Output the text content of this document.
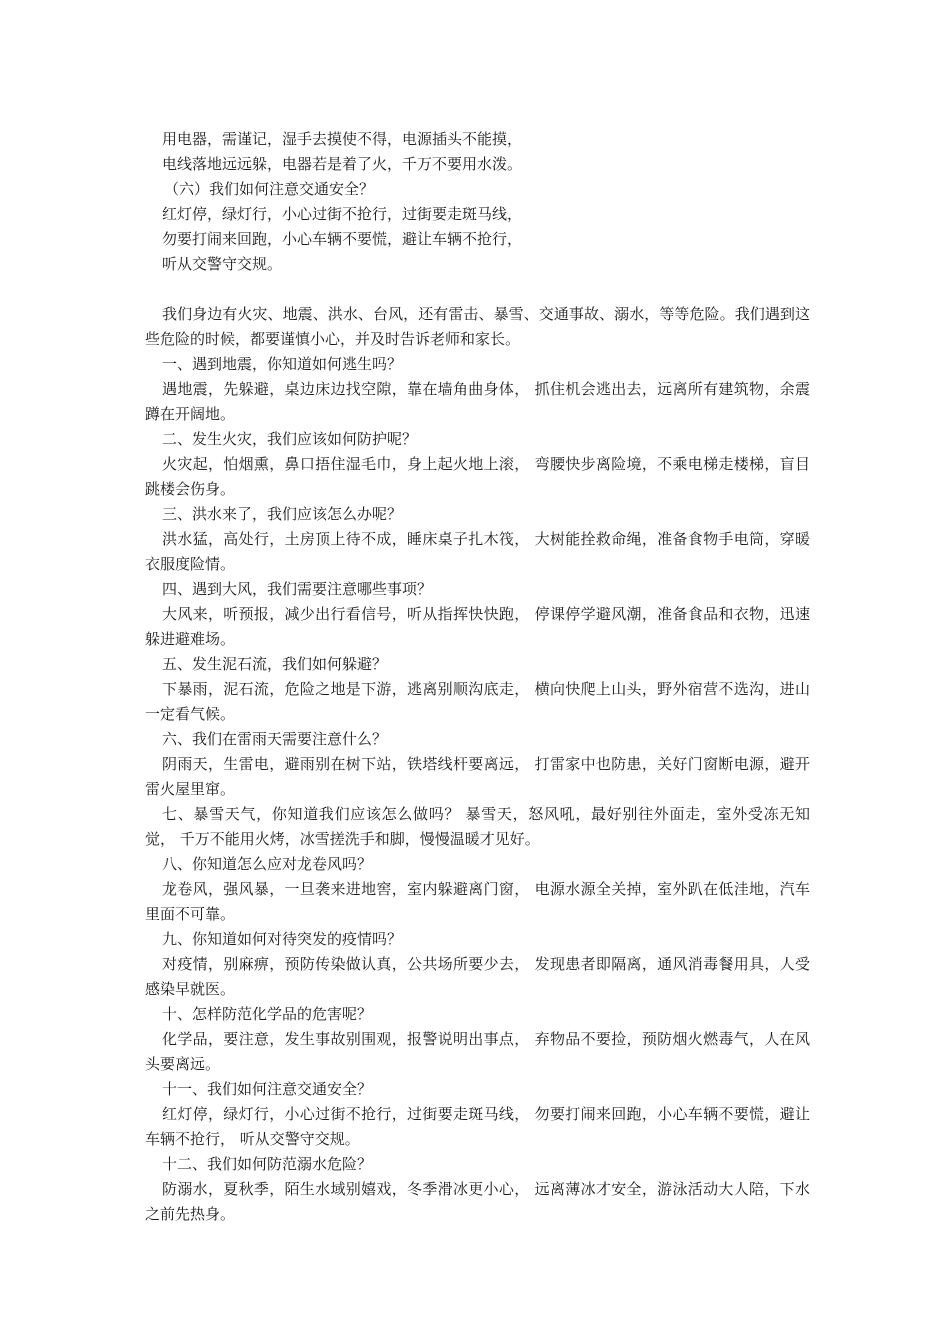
用电器，需谨记，湿手去摸使不得，电源插头不能摸，

电线落地远远躲，电器若是着了火，千万不要用水泼。

（六）我们如何注意交通安全？

红灯停，绿灯行，小心过街不抢行，过街要走斑马线，

勿要打闹来回跑，小心车辆不要慌，避让车辆不抢行，

听从交警守交规。

我们身边有火灾、地震、洪水、台风，还有雷击、暴雪、交通事故、溺水，等等危险。我们遇到这些危险的时候，都要谨慎小心，并及时告诉老师和家长。

一、遇到地震，你知道如何逃生吗？

遇地震，先躲避，桌边床边找空隙，靠在墙角曲身体， 抓住机会逃出去，远离所有建筑物，余震蹲在开阔地。

二、发生火灾，我们应该如何防护呢？

火灾起，怕烟熏，鼻口捂住湿毛巾，身上起火地上滚， 弯腰快步离险境，不乘电梯走楼梯，盲目跳楼会伤身。

三、洪水来了，我们应该怎么办呢？

洪水猛，高处行，土房顶上待不成，睡床桌子扎木筏， 大树能拴救命绳，准备食物手电筒，穿暖衣服度险情。

四、遇到大风，我们需要注意哪些事项？

大风来，听预报，减少出行看信号，听从指挥快快跑， 停课停学避风潮，准备食品和衣物，迅速躲进避难场。

五、发生泥石流，我们如何躲避？

下暴雨，泥石流，危险之地是下游，逃离别顺沟底走， 横向快爬上山头，野外宿营不选沟，进山一定看气候。

六、我们在雷雨天需要注意什么？

阴雨天，生雷电，避雨别在树下站，铁塔线杆要离远， 打雷家中也防患，关好门窗断电源，避开雷火屋里窜。

七、暴雪天气，你知道我们应该怎么做吗？ 暴雪天，怒风吼，最好别往外面走，室外受冻无知觉， 千万不能用火烤，冰雪搓洗手和脚，慢慢温暖才见好。

八、你知道怎么应对龙卷风吗？

龙卷风，强风暴，一旦袭来进地窖，室内躲避离门窗， 电源水源全关掉，室外趴在低洼地，汽车里面不可靠。

九、你知道如何对待突发的疫情吗？

对疫情，别麻痹，预防传染做认真，公共场所要少去， 发现患者即隔离，通风消毒餐用具，人受感染早就医。

十、怎样防范化学品的危害呢？

化学品，要注意，发生事故别围观，报警说明出事点， 弃物品不要捡，预防烟火燃毒气，人在风头要离远。

十一、我们如何注意交通安全？

红灯停，绿灯行，小心过街不抢行，过街要走斑马线， 勿要打闹来回跑，小心车辆不要慌，避让车辆不抢行， 听从交警守交规。

十二、我们如何防范溺水危险？

防溺水，夏秋季，陌生水域别嬉戏，冬季滑冰更小心， 远离薄冰才安全，游泳活动大人陪，下水之前先热身。
